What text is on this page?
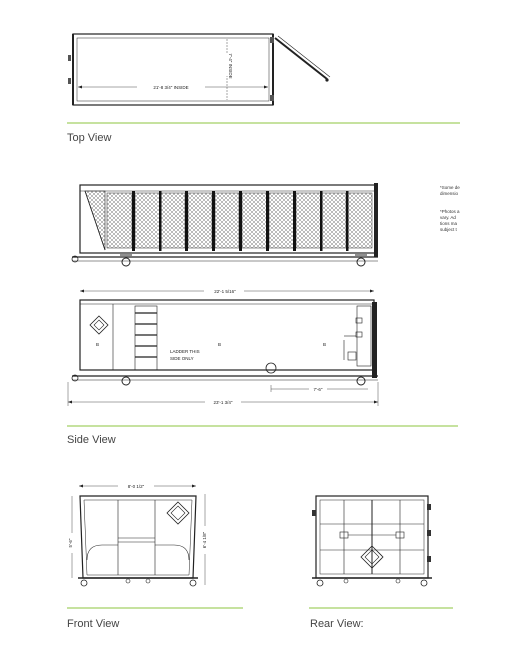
21'-8 3/4" INSIDE
7'-4" INSIDE
Top View
*Some de
dimensio
*Photos a
vary. Ad
tions ma
subject t
B	B	B
22'-1 5/16"
LADDER THIS
SIDE ONLY
7'-6"
23'-1 3/4"
Side View
8'-0 1/2"
5'-6"	6'-4 1/8"
Front View	Rear View:
